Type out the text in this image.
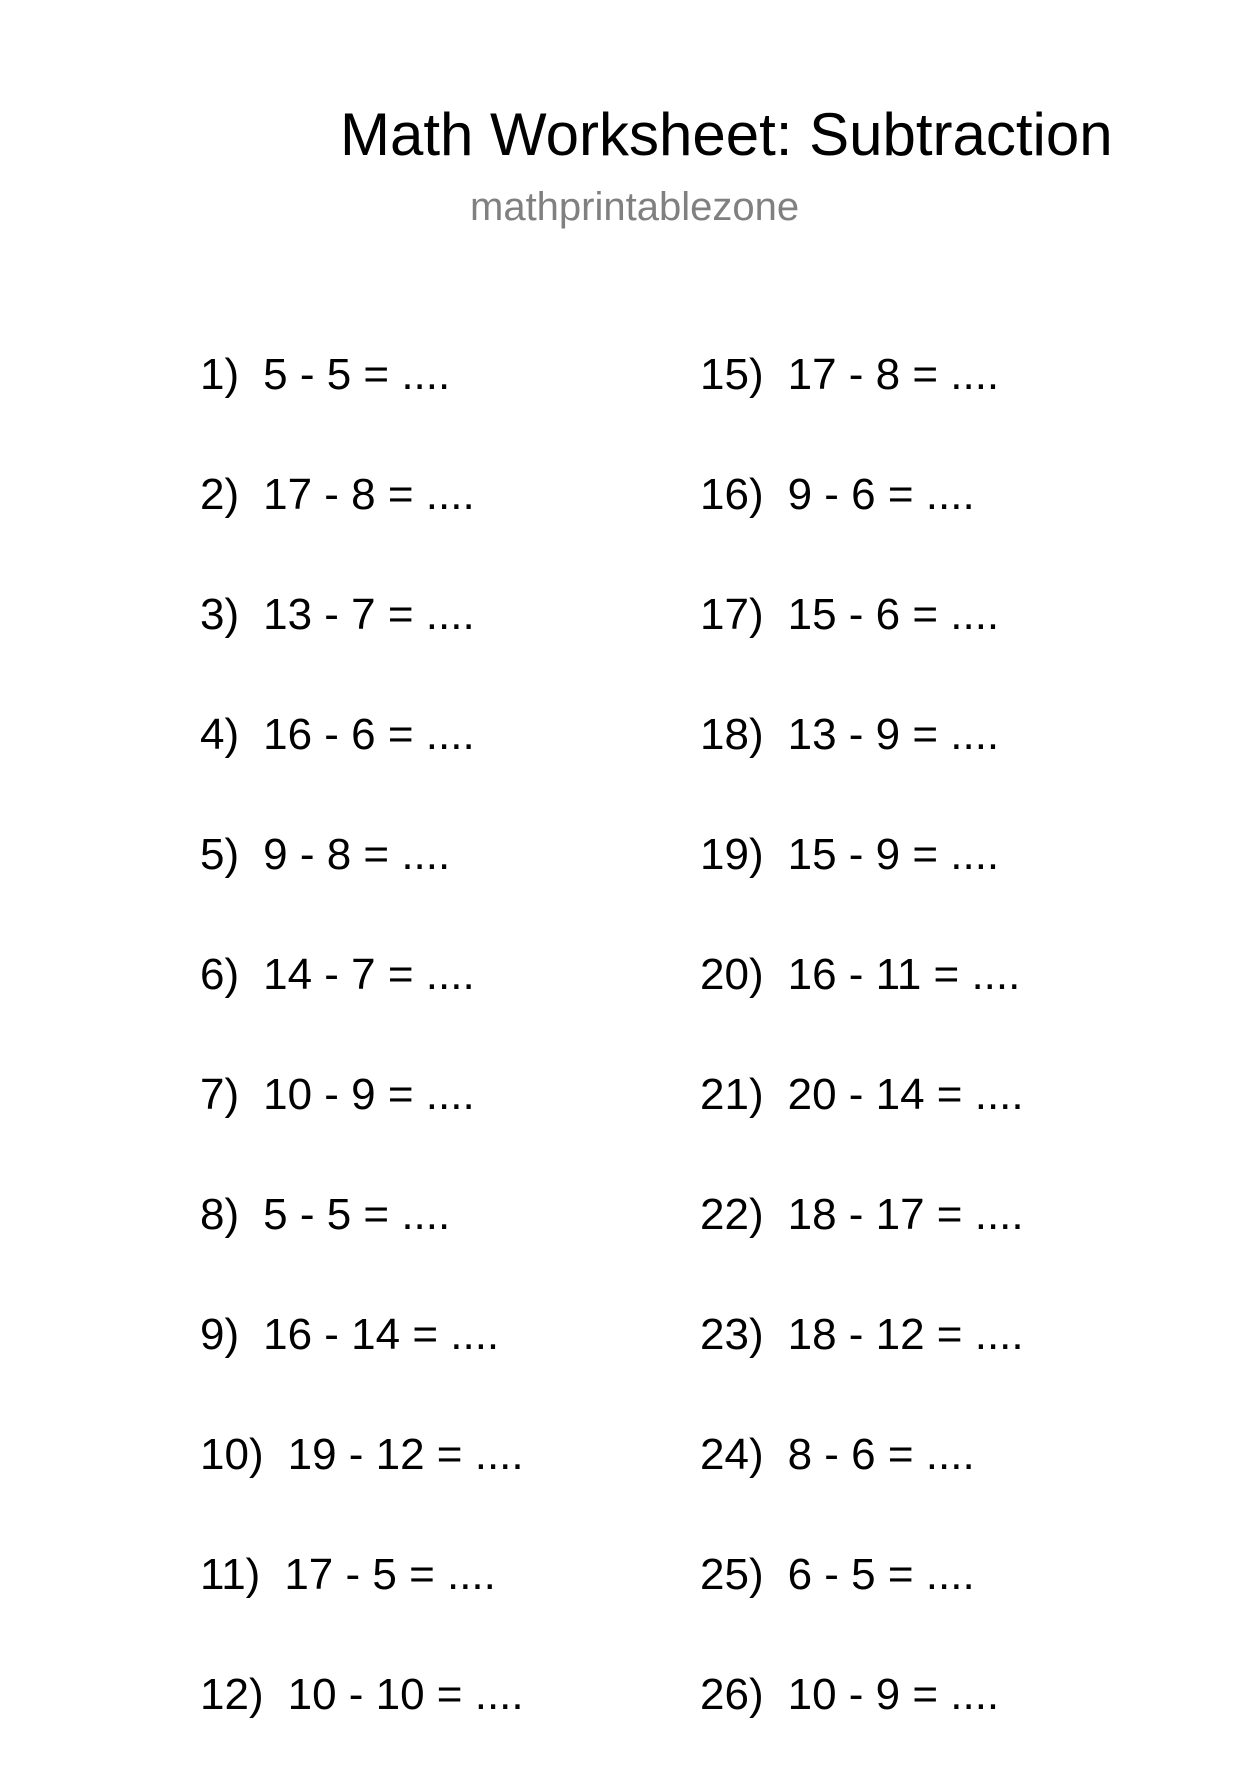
Math Worksheet: Subtraction
mathprintablezone
1) 5 - 5 = ....
2) 17 - 8 = ....
3) 13 - 7 = ....
4) 16 - 6 = ....
5) 9 - 8 = ....
6) 14 - 7 = ....
7) 10 - 9 = ....
8) 5 - 5 = ....
9) 16 - 14 = ....
10) 19 - 12 = ....
11) 17 - 5 = ....
12) 10 - 10 = ....
15) 17 - 8 = ....
16) 9 - 6 = ....
17) 15 - 6 = ....
18) 13 - 9 = ....
19) 15 - 9 = ....
20) 16 - 11 = ....
21) 20 - 14 = ....
22) 18 - 17 = ....
23) 18 - 12 = ....
24) 8 - 6 = ....
25) 6 - 5 = ....
26) 10 - 9 = ....
